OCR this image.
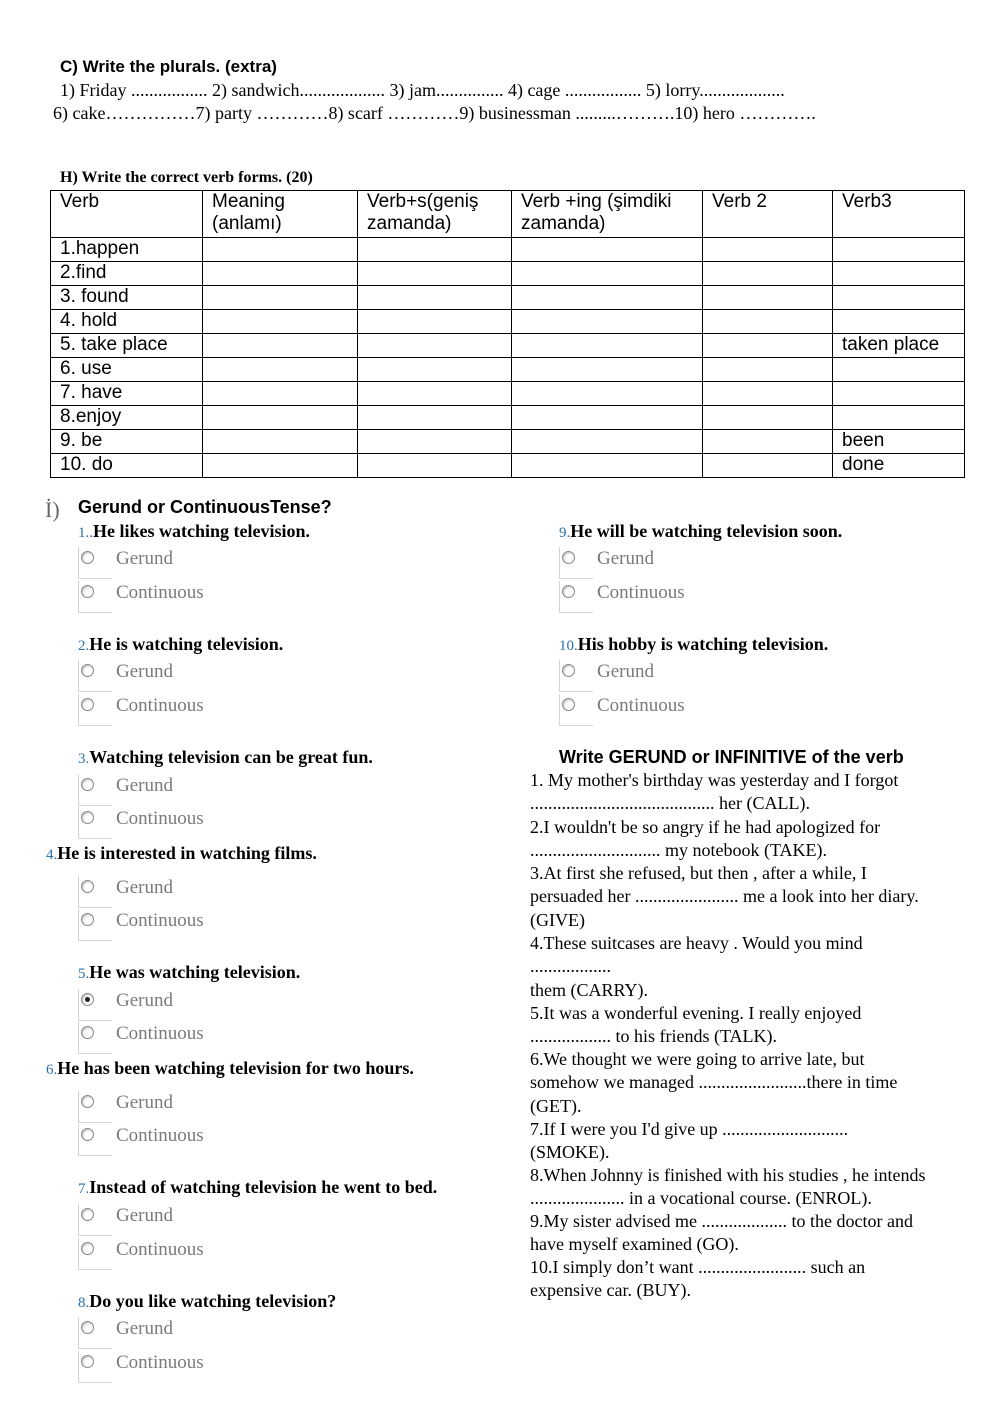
C) Write the plurals. (extra)
1) Friday ................. 2) sandwich................... 3) jam............... 4) cage ................. 5) lorry...................
6) cake……………7) party …………8) scarf …………9) businessman .........……….10) hero ………….
H) Write the correct verb forms. (20)
Verb	Meaning (anlamı)	Verb+s(geniş zamanda)	Verb +ing (şimdiki zamanda)	Verb 2	Verb3
1.happen					
2.find					
3. found					
4. hold					
5. take place					taken place
6. use					
7. have					
8.enjoy					
9. be					been
10. do					done
İ) Gerund or ContinuousTense?
1..He likes watching television.
Gerund
Continuous
2.He is watching television.
Gerund
Continuous
3.Watching television can be great fun.
Gerund
Continuous
4.He is interested in watching films.
Gerund
Continuous
5.He was watching television.
Gerund
Continuous
6.He has been watching television for two hours.
Gerund
Continuous
7.Instead of watching television he went to bed.
Gerund
Continuous
8.Do you like watching television?
Gerund
Continuous
9.He will be watching television soon.
Gerund
Continuous
10.His hobby is watching television.
Gerund
Continuous
Write GERUND or INFINITIVE of the verb
1. My mother's birthday was yesterday and I forgot
......................................... her (CALL).
2.I wouldn't be so angry if he had apologized for
............................. my notebook (TAKE).
3.At first she refused, but then , after a while, I
persuaded her ....................... me a look into her diary.
(GIVE)
4.These suitcases are heavy . Would you mind
..................
them (CARRY).
5.It was a wonderful evening. I really enjoyed
.................. to his friends (TALK).
6.We thought we were going to arrive late, but
somehow we managed ........................there in time
(GET).
7.If I were you I'd give up ............................
(SMOKE).
8.When Johnny is finished with his studies , he intends
..................... in a vocational course. (ENROL).
9.My sister advised me ................... to the doctor and
have myself examined (GO).
10.I simply don’t want ........................ such an
expensive car. (BUY).
